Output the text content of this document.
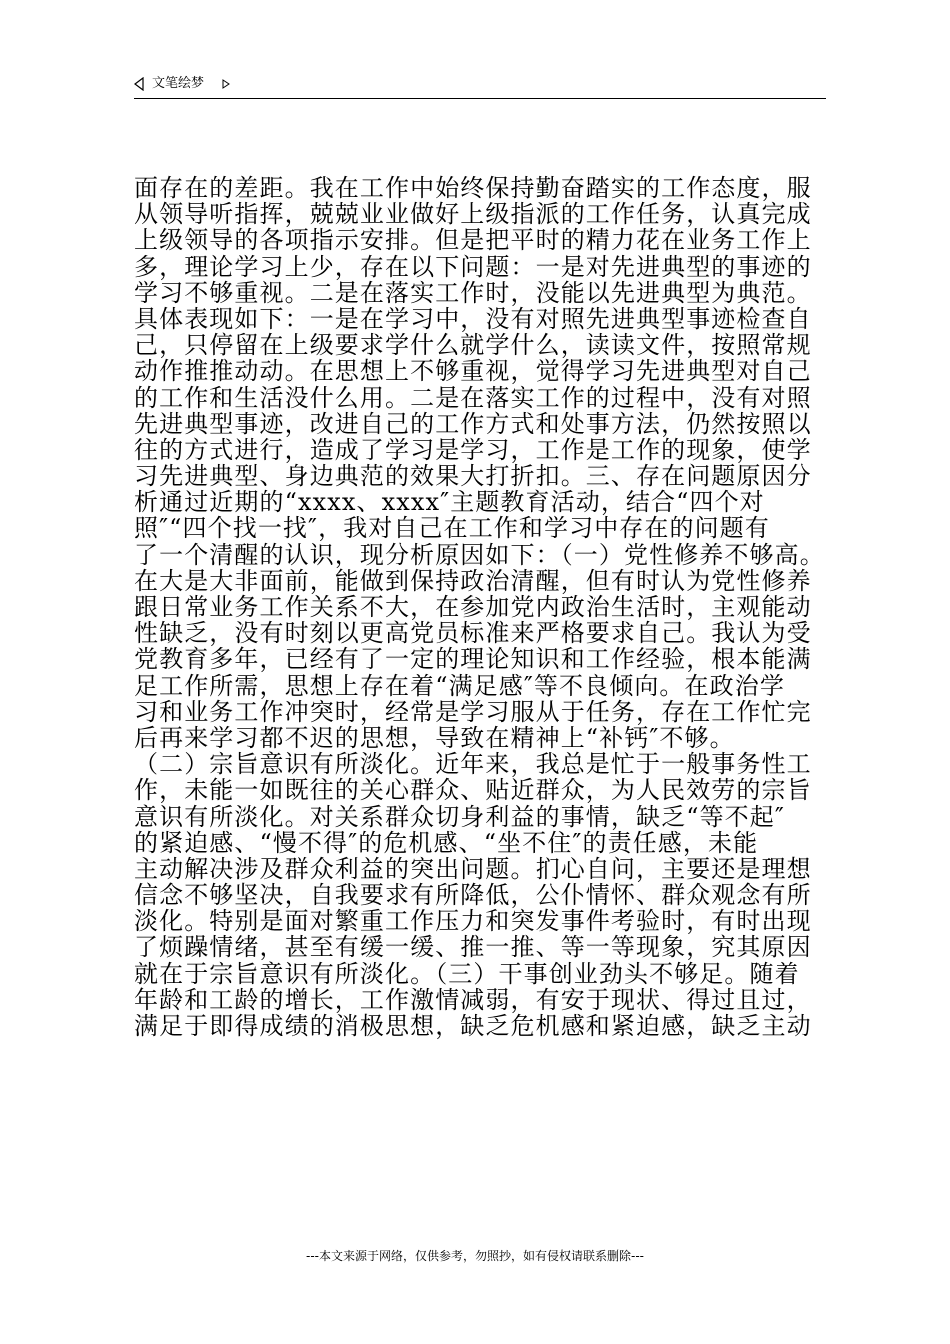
文笔绘梦
面存在的差距。我在工作中始终保持勤奋踏实的工作态度，服
从领导听指挥，兢兢业业做好上级指派的工作任务，认真完成
上级领导的各项指示安排。但是把平时的精力花在业务工作上
多，理论学习上少，存在以下问题：一是对先进典型的事迹的
学习不够重视。二是在落实工作时，没能以先进典型为典范。
具体表现如下：一是在学习中，没有对照先进典型事迹检查自
己，只停留在上级要求学什么就学什么，读读文件，按照常规
动作推推动动。在思想上不够重视，觉得学习先进典型对自己
的工作和生活没什么用。二是在落实工作的过程中，没有对照
先进典型事迹，改进自己的工作方式和处事方法，仍然按照以
往的方式进行，造成了学习是学习，工作是工作的现象，使学
习先进典型、身边典范的效果大打折扣。三、存在问题原因分
析通过近期的“xxxx、xxxx″主题教育活动，结合“四个对
照″“四个找一找″，我对自己在工作和学习中存在的问题有
了一个清醒的认识，现分析原因如下：（一）党性修养不够高。
在大是大非面前，能做到保持政治清醒，但有时认为党性修养
跟日常业务工作关系不大，在参加党内政治生活时，主观能动
性缺乏，没有时刻以更高党员标准来严格要求自己。我认为受
党教育多年，已经有了一定的理论知识和工作经验，根本能满
足工作所需，思想上存在着“满足感″等不良倾向。在政治学
习和业务工作冲突时，经常是学习服从于任务，存在工作忙完
后再来学习都不迟的思想，导致在精神上“补钙″不够。
（二）宗旨意识有所淡化。近年来，我总是忙于一般事务性工
作，未能一如既往的关心群众、贴近群众，为人民效劳的宗旨
意识有所淡化。对关系群众切身利益的事情，缺乏“等不起″
的紧迫感、“慢不得″的危机感、“坐不住″的责任感，未能
主动解决涉及群众利益的突出问题。扪心自问，主要还是理想
信念不够坚决，自我要求有所降低，公仆情怀、群众观念有所
淡化。特别是面对繁重工作压力和突发事件考验时，有时出现
了烦躁情绪，甚至有缓一缓、推一推、等一等现象，究其原因
就在于宗旨意识有所淡化。（三）干事创业劲头不够足。随着
年龄和工龄的增长，工作激情减弱，有安于现状、得过且过，
满足于即得成绩的消极思想，缺乏危机感和紧迫感，缺乏主动
---本文来源于网络，仅供参考，勿照抄，如有侵权请联系删除---
